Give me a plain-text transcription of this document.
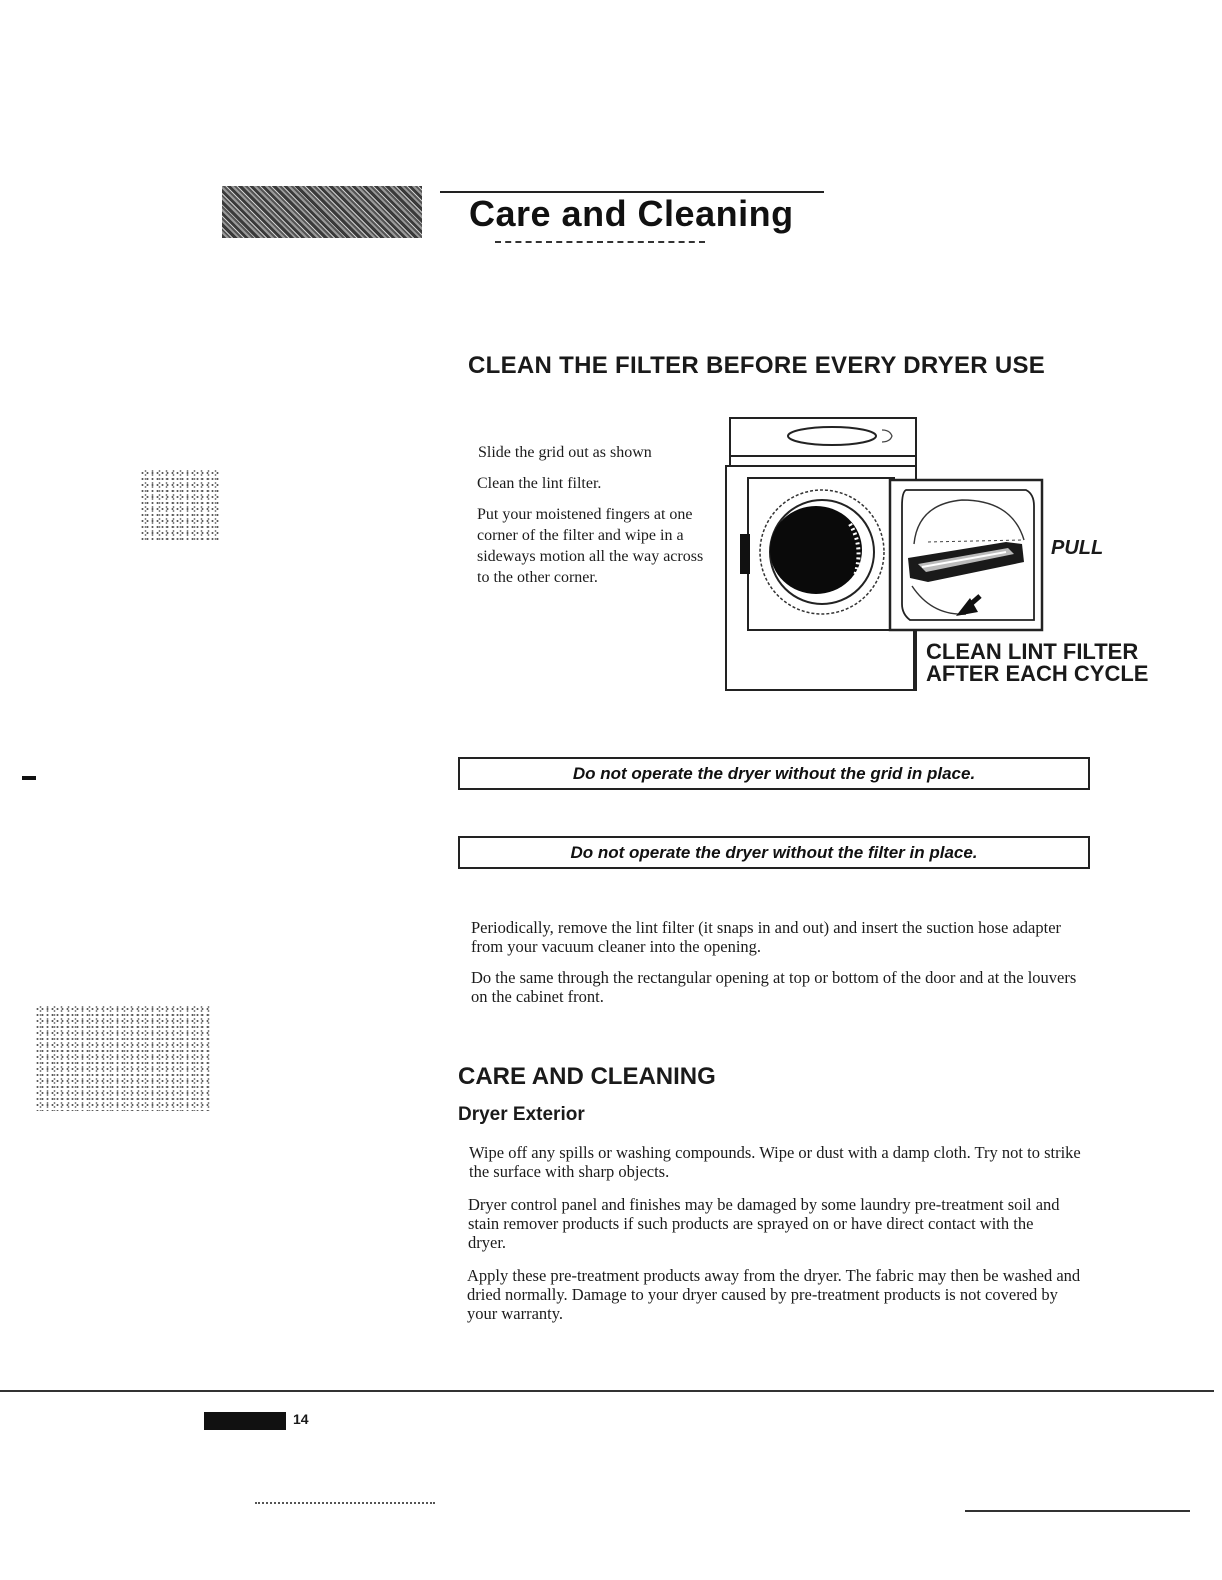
Care and Cleaning
CLEAN THE FILTER BEFORE EVERY DRYER USE
Slide the grid out as shown
Clean the lint filter.
Put your moistened fingers at one corner of the filter and wipe in a sideways motion all the way across to the other corner.
PULL
CLEAN LINT FILTER
AFTER EACH CYCLE
Do not operate the dryer without the grid in place.
Do not operate the dryer without the filter in place.
Periodically, remove the lint filter (it snaps in and out) and insert the suction hose adapter from your vacuum cleaner into the opening.
Do the same through the rectangular opening at top or bottom of the door and at the louvers on the cabinet front.
CARE AND CLEANING
Dryer Exterior
Wipe off any spills or washing compounds. Wipe or dust with a damp cloth. Try not to strike the surface with sharp objects.
Dryer control panel and finishes may be damaged by some laundry pre-treatment soil and stain remover products if such products are sprayed on or have direct contact with the dryer.
Apply these pre-treatment products away from the dryer. The fabric may then be washed and dried normally. Damage to your dryer caused by pre-treatment products is not covered by your warranty.
14
